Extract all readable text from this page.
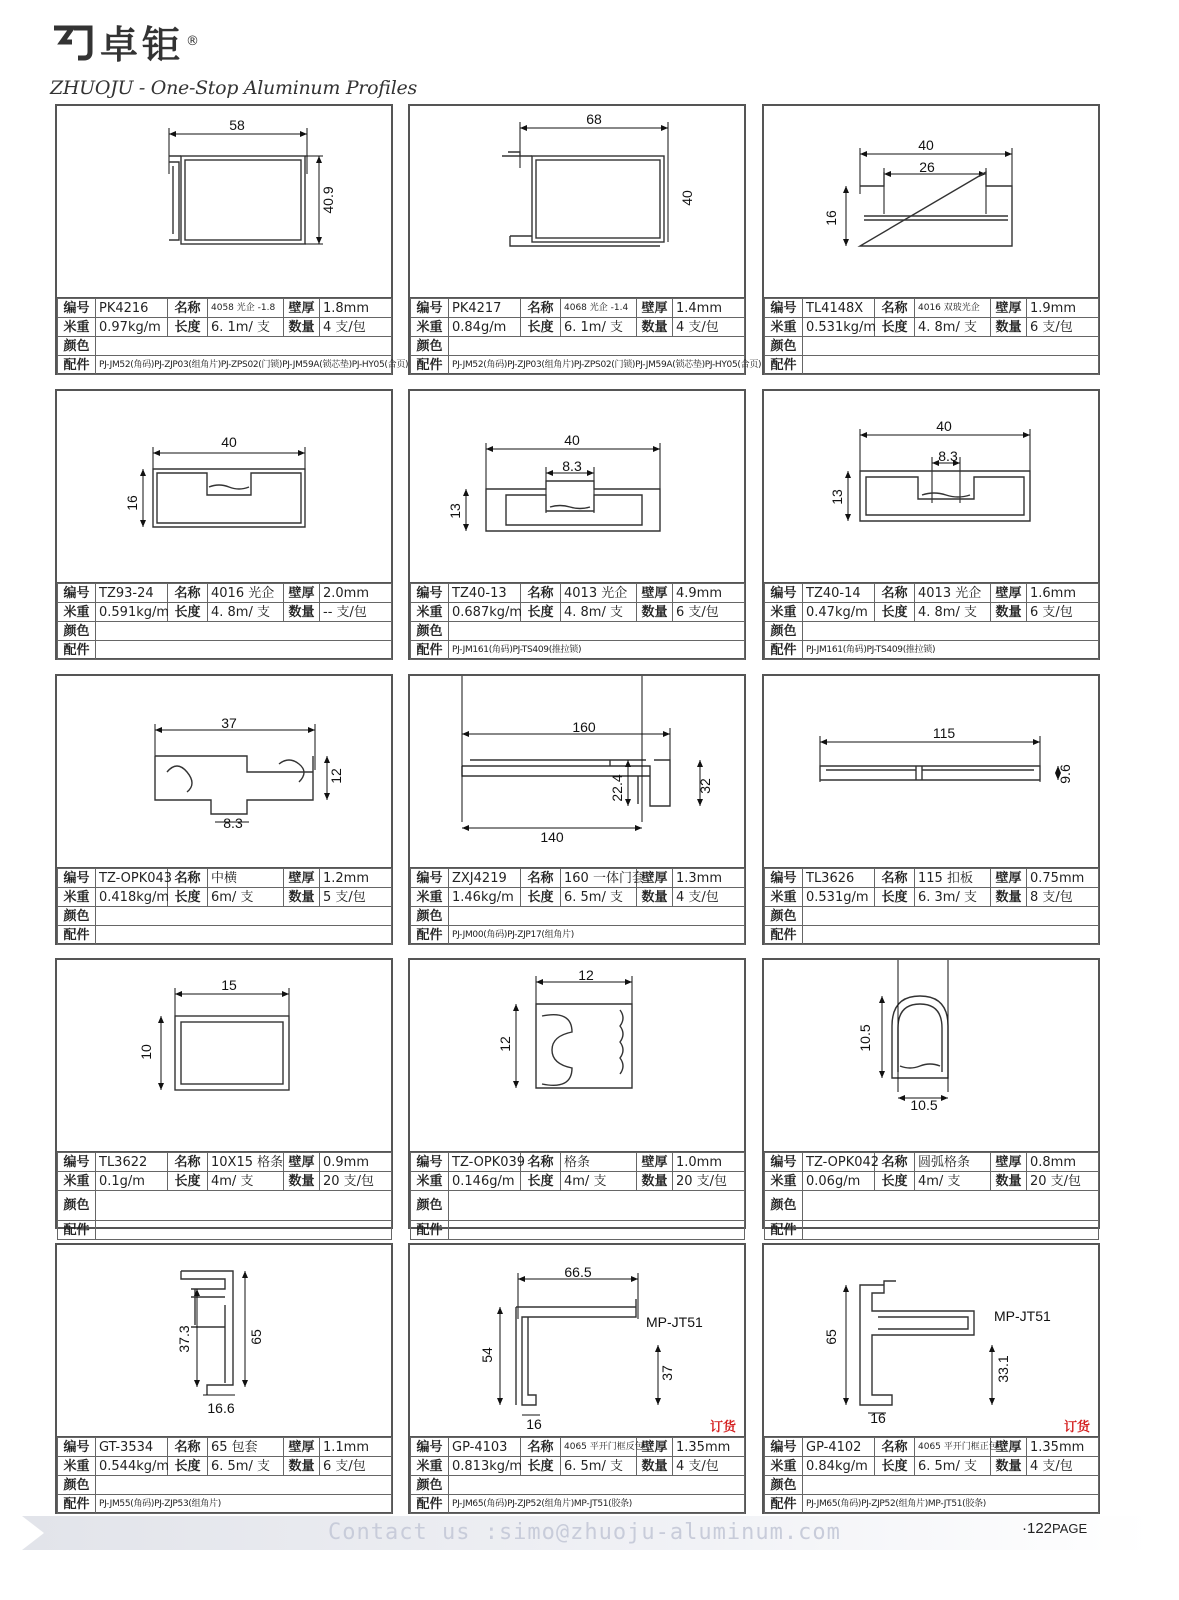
卓钜 ®
ZHUOJU - One-Stop Aluminum Profiles
58
40.9
编号	PK4216	名称	4058 光企 -1.8	壁厚	1.8mm
米重	0.97kg/m	长度	6. 1m/ 支	数量	4 支/包
颜色					
配件	PJ-JM52(角码)PJ-ZJP03(组角片)PJ-ZPS02(门锁)PJ-JM59A(锁芯垫)PJ-HY05(合页)				
68
40
编号	PK4217	名称	4068 光企 -1.4	壁厚	1.4mm
米重	0.84g/m	长度	6. 1m/ 支	数量	4 支/包
颜色					
配件	PJ-JM52(角码)PJ-ZJP03(组角片)PJ-ZPS02(门锁)PJ-JM59A(锁芯垫)PJ-HY05(合页)				
40
26
16
编号	TL4148X	名称	4016 双玻光企	壁厚	1.9mm
米重	0.531kg/m	长度	4. 8m/ 支	数量	6 支/包
颜色					
配件					
40
16
编号	TZ93-24	名称	4016 光企	壁厚	2.0mm
米重	0.591kg/m	长度	4. 8m/ 支	数量	-- 支/包
颜色					
配件					
40
8.3
13
编号	TZ40-13	名称	4013 光企	壁厚	4.9mm
米重	0.687kg/m	长度	4. 8m/ 支	数量	6 支/包
颜色					
配件	PJ-JM161(角码)PJ-TS409(推拉锁)				
40
8.3
13
编号	TZ40-14	名称	4013 光企	壁厚	1.6mm
米重	0.47kg/m	长度	4. 8m/ 支	数量	6 支/包
颜色					
配件	PJ-JM161(角码)PJ-TS409(推拉锁)				
37
8.3
12
编号	TZ-OPK043	名称	中横	壁厚	1.2mm
米重	0.418kg/m	长度	6m/ 支	数量	5 支/包
颜色					
配件					
160
22.4	32
140
编号	ZXJ4219	名称	160 一体门套	壁厚	1.3mm
米重	1.46kg/m	长度	6. 5m/ 支	数量	4 支/包
颜色					
配件	PJ-JM00(角码)PJ-ZJP17(组角片)				
115
9.6
编号	TL3626	名称	115 扣板	壁厚	0.75mm
米重	0.531g/m	长度	6. 3m/ 支	数量	8 支/包
颜色					
配件					
15
10
编号	TL3622	名称	10X15 格条	壁厚	0.9mm
米重	0.1g/m	长度	4m/ 支	数量	20 支/包
颜色					
配件					
12
12
编号	TZ-OPK039	名称	格条	壁厚	1.0mm
米重	0.146g/m	长度	4m/ 支	数量	20 支/包
颜色					
配件					
10.5
10.5
编号	TZ-OPK042	名称	圆弧格条	壁厚	0.8mm
米重	0.06g/m	长度	4m/ 支	数量	20 支/包
颜色					
配件					
37.3	65
16.6
编号	GT-3534	名称	65 包套	壁厚	1.1mm
米重	0.544kg/m	长度	6. 5m/ 支	数量	6 支/包
颜色					
配件	PJ-JM55(角码)PJ-ZJP53(组角片)				
66.5
54
37
MP-JT51
16	订货
编号	GP-4103	名称	4065 平开门框反包	壁厚	1.35mm
米重	0.813kg/m	长度	6. 5m/ 支	数量	4 支/包
颜色					
配件	PJ-JM65(角码)PJ-ZJP52(组角片)MP-JT51(胶条)				
65
33.1
MP-JT51
16
订货
编号	GP-4102	名称	4065 平开门框正包	壁厚	1.35mm
米重	0.84kg/m	长度	6. 5m/ 支	数量	4 支/包
颜色					
配件	PJ-JM65(角码)PJ-ZJP52(组角片)MP-JT51(胶条)				
Contact us :simo@zhuoju-aluminum.com	·122PAGE
